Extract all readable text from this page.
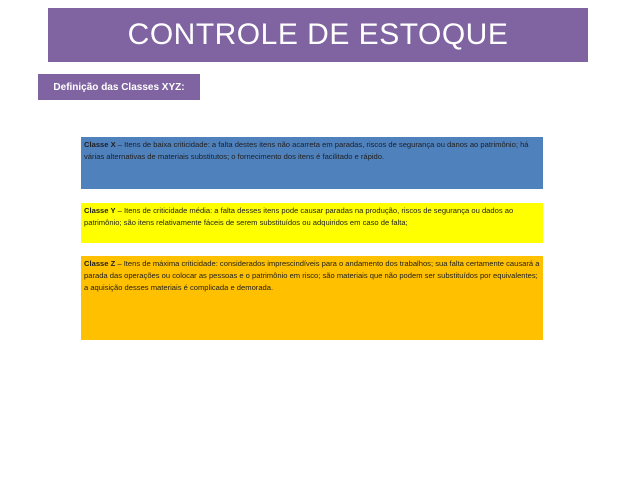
CONTROLE DE ESTOQUE
Definição das Classes XYZ:
Classe X – Itens de baixa criticidade: a falta destes itens não acarreta em paradas, riscos de segurança ou danos ao patrimônio; há várias alternativas de materiais substitutos; o fornecimento dos itens é facilitado e rápido.
Classe Y – Itens de criticidade média: a falta desses itens pode causar paradas na produção, riscos de segurança ou dados ao patrimônio; são itens relativamente fáceis de serem substituídos ou adquiridos em caso de falta;
Classe Z – Itens de máxima criticidade: considerados imprescindíveis para o andamento dos trabalhos; sua falta certamente causará a parada das operações ou colocar as pessoas e o patrimônio em risco; são materiais que não podem ser substituídos por equivalentes; a aquisição desses materiais é complicada e demorada.
